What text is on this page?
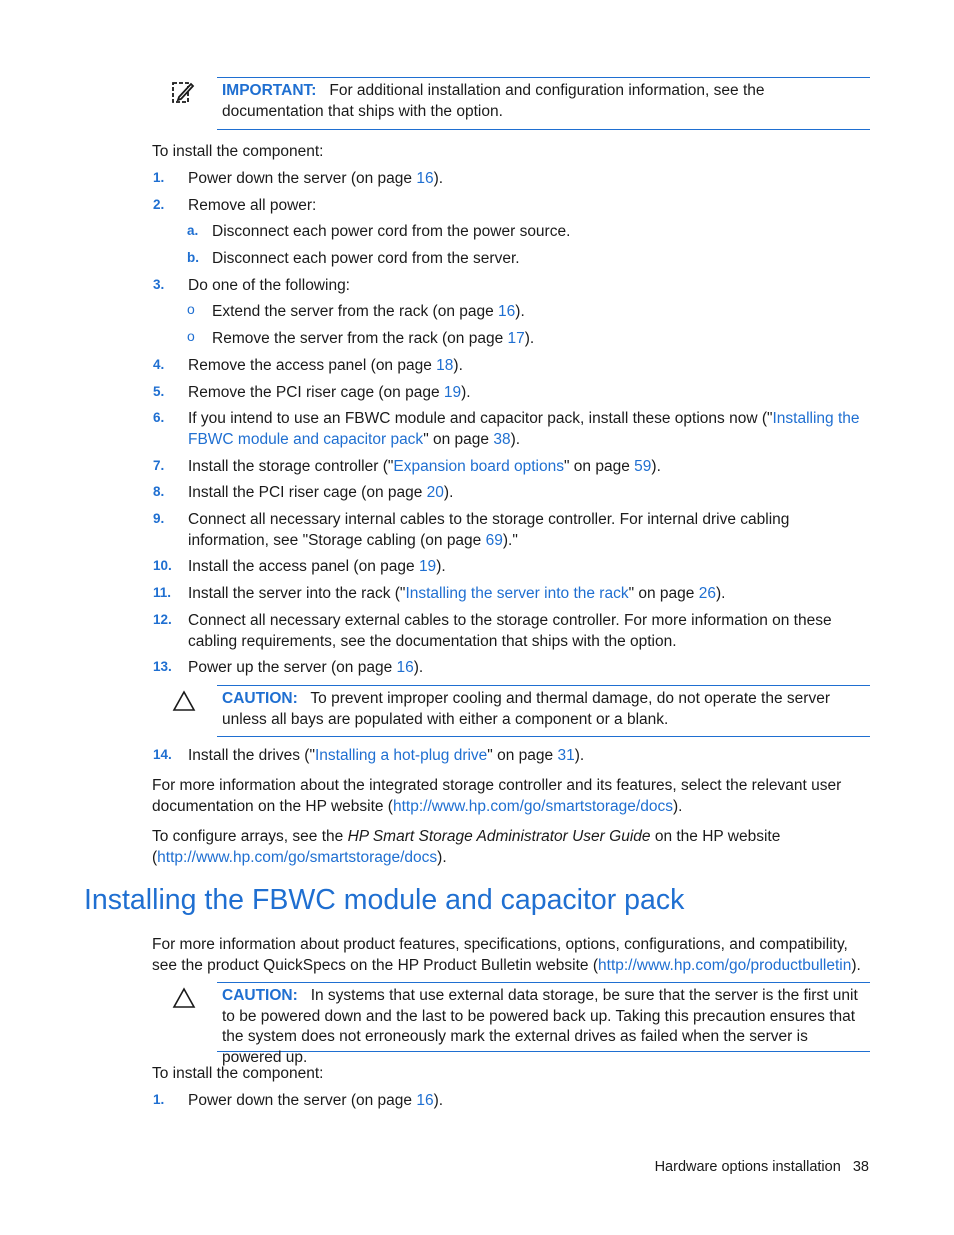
IMPORTANT: For additional installation and configuration information, see the documentation that ships with the option.
To install the component:
1. Power down the server (on page 16).
2. Remove all power:
a. Disconnect each power cord from the power source.
b. Disconnect each power cord from the server.
3. Do one of the following:
o Extend the server from the rack (on page 16).
o Remove the server from the rack (on page 17).
4. Remove the access panel (on page 18).
5. Remove the PCI riser cage (on page 19).
6. If you intend to use an FBWC module and capacitor pack, install these options now ("Installing the FBWC module and capacitor pack" on page 38).
7. Install the storage controller ("Expansion board options" on page 59).
8. Install the PCI riser cage (on page 20).
9. Connect all necessary internal cables to the storage controller. For internal drive cabling information, see "Storage cabling (on page 69)."
10. Install the access panel (on page 19).
11. Install the server into the rack ("Installing the server into the rack" on page 26).
12. Connect all necessary external cables to the storage controller. For more information on these cabling requirements, see the documentation that ships with the option.
13. Power up the server (on page 16).
CAUTION: To prevent improper cooling and thermal damage, do not operate the server unless all bays are populated with either a component or a blank.
14. Install the drives ("Installing a hot-plug drive" on page 31).
For more information about the integrated storage controller and its features, select the relevant user documentation on the HP website (http://www.hp.com/go/smartstorage/docs).
To configure arrays, see the HP Smart Storage Administrator User Guide on the HP website (http://www.hp.com/go/smartstorage/docs).
Installing the FBWC module and capacitor pack
For more information about product features, specifications, options, configurations, and compatibility, see the product QuickSpecs on the HP Product Bulletin website (http://www.hp.com/go/productbulletin).
CAUTION: In systems that use external data storage, be sure that the server is the first unit to be powered down and the last to be powered back up. Taking this precaution ensures that the system does not erroneously mark the external drives as failed when the server is powered up.
To install the component:
1. Power down the server (on page 16).
Hardware options installation 38
